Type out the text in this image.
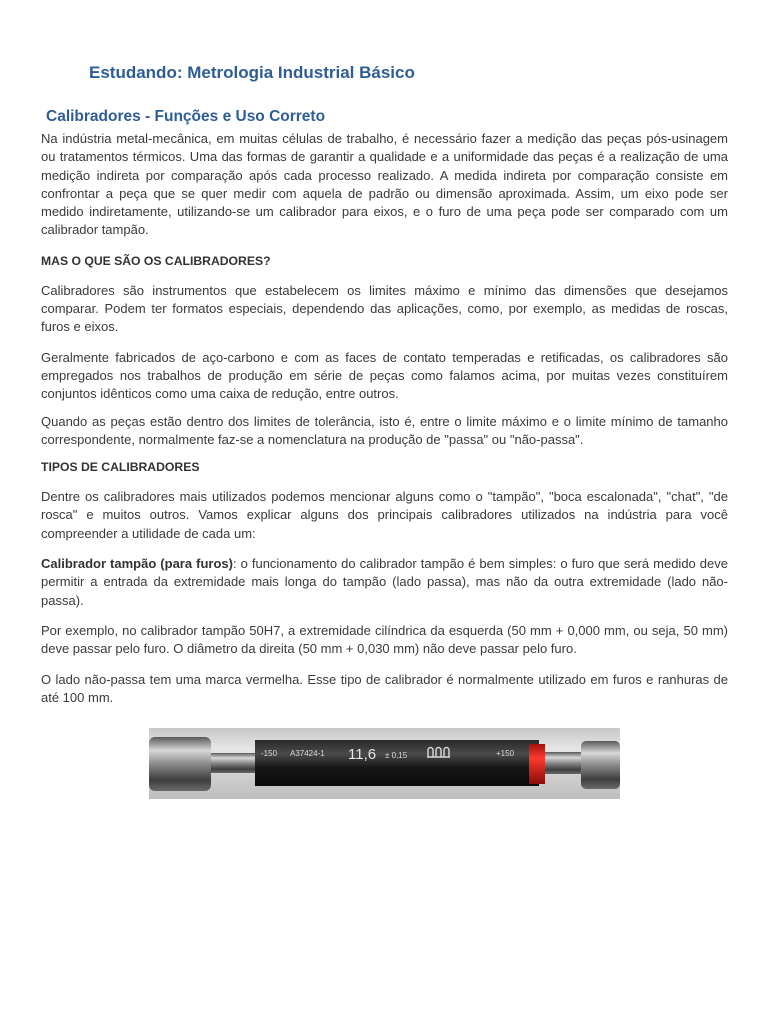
Estudando: Metrologia Industrial Básico
Calibradores - Funções e Uso Correto

Na indústria metal-mecânica, em muitas células de trabalho, é necessário fazer a medição das peças pós-usinagem ou tratamentos térmicos. Uma das formas de garantir a qualidade e a uniformidade das peças é a realização de uma medição indireta por comparação após cada processo realizado. A medida indireta por comparação consiste em confrontar a peça que se quer medir com aquela de padrão ou dimensão aproximada. Assim, um eixo pode ser medido indiretamente, utilizando-se um calibrador para eixos, e o furo de uma peça pode ser comparado com um calibrador tampão.

MAS O QUE SÃO OS CALIBRADORES?

Calibradores são instrumentos que estabelecem os limites máximo e mínimo das dimensões que desejamos comparar. Podem ter formatos especiais, dependendo das aplicações, como, por exemplo, as medidas de roscas, furos e eixos.

Geralmente fabricados de aço-carbono e com as faces de contato temperadas e retificadas, os calibradores são empregados nos trabalhos de produção em série de peças como falamos acima, por muitas vezes constituírem conjuntos idênticos como uma caixa de redução, entre outros.

Quando as peças estão dentro dos limites de tolerância, isto é, entre o limite máximo e o limite mínimo de tamanho correspondente, normalmente faz-se a nomenclatura na produção de "passa" ou "não-passa".

TIPOS DE CALIBRADORES

Dentre os calibradores mais utilizados podemos mencionar alguns como o "tampão", "boca escalonada", "chat", "de rosca" e muitos outros. Vamos explicar alguns dos principais calibradores utilizados na indústria para você compreender a utilidade de cada um:

Calibrador tampão (para furos): o funcionamento do calibrador tampão é bem simples: o furo que será medido deve permitir a entrada da extremidade mais longa do tampão (lado passa), mas não da outra extremidade (lado não-passa).

Por exemplo, no calibrador tampão 50H7, a extremidade cilíndrica da esquerda (50 mm + 0,000 mm, ou seja, 50 mm) deve passar pelo furo. O diâmetro da direita (50 mm + 0,030 mm) não deve passar pelo furo.

O lado não-passa tem uma marca vermelha. Esse tipo de calibrador é normalmente utilizado em furos e ranhuras de até 100 mm.

-150 A37424-1 11,6 ± 0,15	+150
